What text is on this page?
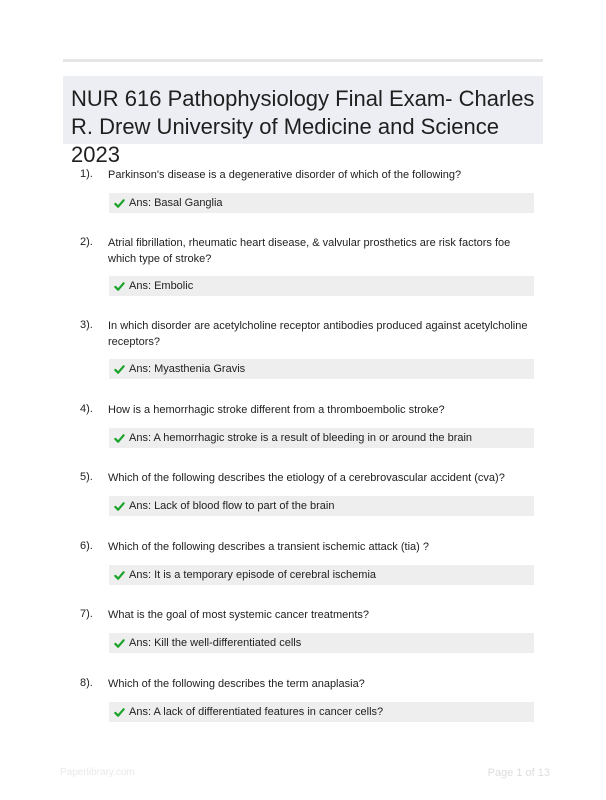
NUR 616 Pathophysiology Final Exam- Charles R. Drew University of Medicine and Science 2023
1). Parkinson's disease is a degenerative disorder of which of the following?
Ans: Basal Ganglia
2). Atrial fibrillation, rheumatic heart disease, & valvular prosthetics are risk factors foe which type of stroke?
Ans: Embolic
3). In which disorder are acetylcholine receptor antibodies produced against acetylcholine receptors?
Ans: Myasthenia Gravis
4). How is a hemorrhagic stroke different from a thromboembolic stroke?
Ans: A hemorrhagic stroke is a result of bleeding in or around the brain
5). Which of the following describes the etiology of a cerebrovascular accident (cva)?
Ans: Lack of blood flow to part of the brain
6). Which of the following describes a transient ischemic attack (tia) ?
Ans: It is a temporary episode of cerebral ischemia
7). What is the goal of most systemic cancer treatments?
Ans: Kill the well-differentiated cells
8). Which of the following describes the term anaplasia?
Ans: A lack of differentiated features in cancer cells?
Paperlibrary.com	Page 1 of 13
